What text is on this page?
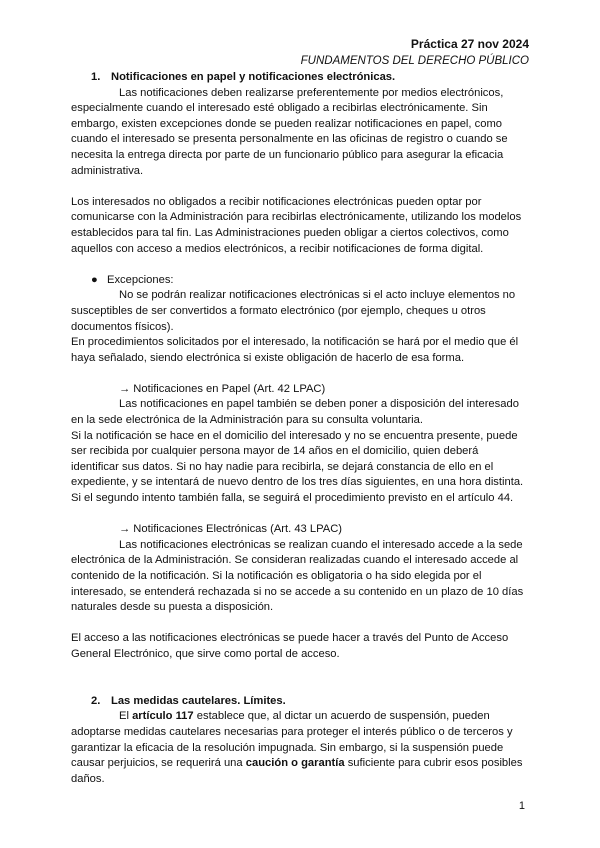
Práctica 27 nov 2024
FUNDAMENTOS DEL DERECHO PÚBLICO
1. Notificaciones en papel y notificaciones electrónicas.

Las notificaciones deben realizarse preferentemente por medios electrónicos, especialmente cuando el interesado esté obligado a recibirlas electrónicamente. Sin embargo, existen excepciones donde se pueden realizar notificaciones en papel, como cuando el interesado se presenta personalmente en las oficinas de registro o cuando se necesita la entrega directa por parte de un funcionario público para asegurar la eficacia administrativa.

Los interesados no obligados a recibir notificaciones electrónicas pueden optar por comunicarse con la Administración para recibirlas electrónicamente, utilizando los modelos establecidos para tal fin. Las Administraciones pueden obligar a ciertos colectivos, como aquellos con acceso a medios electrónicos, a recibir notificaciones de forma digital.

● Excepciones:

No se podrán realizar notificaciones electrónicas si el acto incluye elementos no susceptibles de ser convertidos a formato electrónico (por ejemplo, cheques u otros documentos físicos).

En procedimientos solicitados por el interesado, la notificación se hará por el medio que él haya señalado, siendo electrónica si existe obligación de hacerlo de esa forma.

→ Notificaciones en Papel (Art. 42 LPAC)

Las notificaciones en papel también se deben poner a disposición del interesado en la sede electrónica de la Administración para su consulta voluntaria.

Si la notificación se hace en el domicilio del interesado y no se encuentra presente, puede ser recibida por cualquier persona mayor de 14 años en el domicilio, quien deberá identificar sus datos. Si no hay nadie para recibirla, se dejará constancia de ello en el expediente, y se intentará de nuevo dentro de los tres días siguientes, en una hora distinta. Si el segundo intento también falla, se seguirá el procedimiento previsto en el artículo 44.

→ Notificaciones Electrónicas (Art. 43 LPAC)

Las notificaciones electrónicas se realizan cuando el interesado accede a la sede electrónica de la Administración. Se consideran realizadas cuando el interesado accede al contenido de la notificación. Si la notificación es obligatoria o ha sido elegida por el interesado, se entenderá rechazada si no se accede a su contenido en un plazo de 10 días naturales desde su puesta a disposición.

El acceso a las notificaciones electrónicas se puede hacer a través del Punto de Acceso General Electrónico, que sirve como portal de acceso.

2. Las medidas cautelares. Límites.

El artículo 117 establece que, al dictar un acuerdo de suspensión, pueden adoptarse medidas cautelares necesarias para proteger el interés público o de terceros y garantizar la eficacia de la resolución impugnada. Sin embargo, si la suspensión puede causar perjuicios, se requerirá una caución o garantía suficiente para cubrir esos posibles daños.

1
